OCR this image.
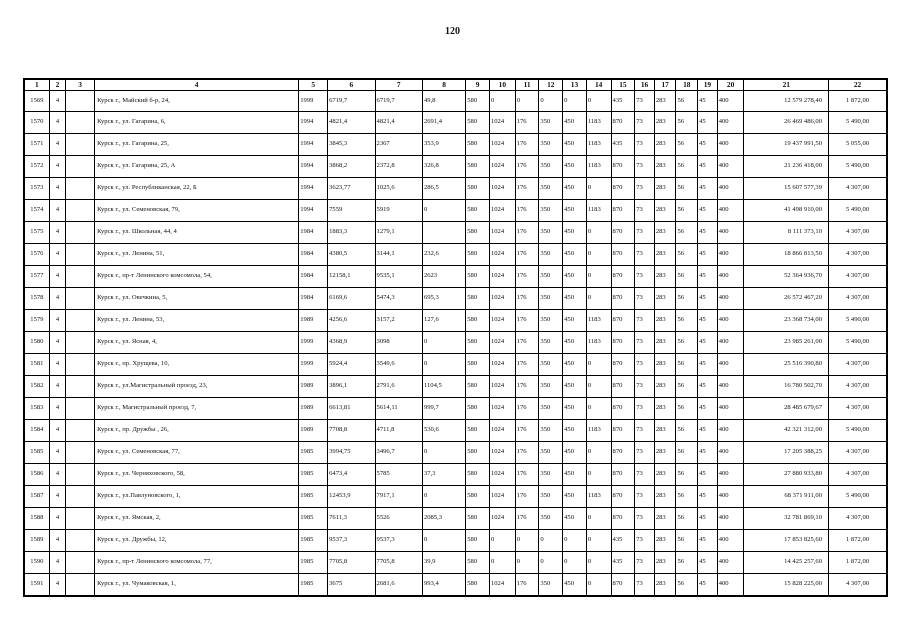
120
1	2	3	4	5	6	7	8	9	10	11	12	13	14	15	16	17	18	19	20	21	22
1569	4		Курск г., Майский б-р, 24,	1999	6719,7	6719,7	49,8	580	0	0	0	0	0	435	73	283	56	45	400	12 579 278,40	1 872,00
1570	4		Курск г., ул. Гагарина, 6,	1994	4821,4	4821,4	2691,4	580	1024	176	350	450	1183	870	73	283	56	45	400	26 469 486,00	5 490,00
1571	4		Курск г., ул. Гагарина, 25,	1994	3845,3	2367	353,9	580	1024	176	350	450	1183	435	73	283	56	45	400	19 437 991,50	5 055,00
1572	4		Курск г., ул. Гагарина, 25, А	1994	3868,2	2372,8	326,8	580	1024	176	350	450	1183	870	73	283	56	45	400	21 236 418,00	5 490,00
1573	4		Курск г., ул. Республиканская, 22, Б	1994	3623,77	1025,6	286,5	580	1024	176	350	450	0	870	73	283	56	45	400	15 607 577,39	4 307,00
1574	4		Курск г., ул. Семеновская, 79,	1994	7559	5919	0	580	1024	176	350	450	1183	870	73	283	56	45	400	41 498 910,00	5 490,00
1575	4		Курск г., ул. Школьная, 44, 4	1984	1883,3	1279,1		580	1024	176	350	450	0	870	73	283	56	45	400	8 111 373,10	4 307,00
1576	4		Курск г., ул. Ленина, 51,	1984	4380,5	3144,1	232,6	580	1024	176	350	450	0	870	73	283	56	45	400	18 866 813,50	4 307,00
1577	4		Курск г., пр-т Ленинского комсомола, 54,	1984	12158,1	9535,1	2623	580	1024	176	350	450	0	870	73	283	56	45	400	52 364 936,70	4 307,00
1578	4		Курск г., ул. Овечкина, 5,	1984	6169,6	5474,3	695,3	580	1024	176	350	450	0	870	73	283	56	45	400	26 572 467,20	4 307,00
1579	4		Курск г., ул. Ленина, 53,	1989	4256,6	3157,2	127,6	580	1024	176	350	450	1183	870	73	283	56	45	400	23 368 734,00	5 490,00
1580	4		Курск г., ул. Ясная, 4,	1999	4368,9	3098	0	580	1024	176	350	450	1183	870	73	283	56	45	400	23 985 261,00	5 490,00
1581	4		Курск г., пр. Хрущева, 10,	1999	5924,4	3549,6	0	580	1024	176	350	450	0	870	73	283	56	45	400	25 516 390,80	4 307,00
1582	4		Курск г., ул.Магистральный проезд, 23,	1989	3896,1	2791,6	1104,5	580	1024	176	350	450	0	870	73	283	56	45	400	16 780 502,70	4 307,00
1583	4		Курск г., Магистральный проезд, 7,	1989	6613,81	5614,11	999,7	580	1024	176	350	450	0	870	73	283	56	45	400	28 485 679,67	4 307,00
1584	4		Курск г., пр. Дружбы , 26,	1989	7708,8	4711,8	530,6	580	1024	176	350	450	1183	870	73	283	56	45	400	42 321 312,00	5 490,00
1585	4		Курск г., ул. Семеновская, 77,	1985	3994,75	3496,7	0	580	1024	176	350	450	0	870	73	283	56	45	400	17 205 388,25	4 307,00
1586	4		Курск г., ул. Черняховского, 58,	1985	6473,4	5785	37,3	580	1024	176	350	450	0	870	73	283	56	45	400	27 880 933,80	4 307,00
1587	4		Курск г., ул.Павлуновского, 1,	1985	12453,9	7917,1	0	580	1024	176	350	450	1183	870	73	283	56	45	400	68 371 911,00	5 490,00
1588	4		Курск г., ул. Ямская, 2,	1985	7611,3	5526	2085,3	580	1024	176	350	450	0	870	73	283	56	45	400	32 781 869,10	4 307,00
1589	4		Курск г., ул. Дружбы, 12,	1985	9537,3	9537,3	0	580	0	0	0	0	0	435	73	283	56	45	400	17 853 825,60	1 872,00
1590	4		Курск г., пр-т Ленинского комсомола, 77,	1985	7705,8	7705,8	39,9	580	0	0	0	0	0	435	73	283	56	45	400	14 425 257,60	1 872,00
1591	4		Курск г., ул. Чумаковская, 1,	1985	3675	2681,6	993,4	580	1024	176	350	450	0	870	73	283	56	45	400	15 828 225,00	4 307,00
